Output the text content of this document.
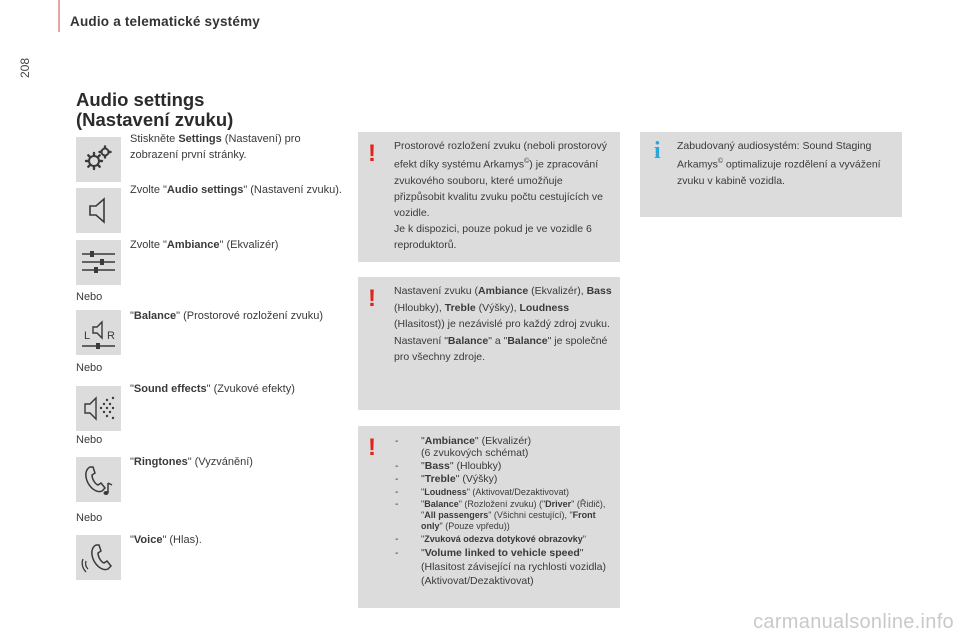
Audio a telematické systémy
208
Audio settings
(Nastavení zvuku)
Stiskněte Settings (Nastavení) pro zobrazení první stránky.
Zvolte "Audio settings" (Nastavení zvuku).
Zvolte "Ambiance" (Ekvalizér)
Nebo
L R
"Balance" (Prostorové rozložení zvuku)
Nebo
"Sound effects" (Zvukové efekty)
Nebo
"Ringtones" (Vyzvánění)
Nebo
"Voice" (Hlas).
! Prostorové rozložení zvuku (neboli prostorový efekt díky systému Arkamys©) je zpracování zvukového souboru, které umožňuje přizpůsobit kvalitu zvuku počtu cestujících ve vozidle.
Je k dispozici, pouze pokud je ve vozidle 6 reproduktorů.
! Nastavení zvuku (Ambiance (Ekvalizér), Bass (Hloubky), Treble (Výšky), Loudness (Hlasitost)) je nezávislé pro každý zdroj zvuku.
Nastavení "Balance" a "Balance" je společné pro všechny zdroje.
! - "Ambiance" (Ekvalizér)
(6 zvukových schémat)
- "Bass" (Hloubky)
- "Treble" (Výšky)
-	"Loudness" (Aktivovat/Dezaktivovat)
-	"Balance" (Rozložení zvuku) ("Driver" (Řidič), "All passengers" (Všichni cestující), "Front only" (Pouze vpředu))
-	"Zvuková odezva dotykové obrazovky"
- "Volume linked to vehicle speed"
(Hlasitost závisející na rychlosti vozidla) (Aktivovat/Dezaktivovat)
i Zabudovaný audiosystém: Sound Staging Arkamys© optimalizuje rozdělení a vyvážení zvuku v kabině vozidla.
carmanualsonline.info
